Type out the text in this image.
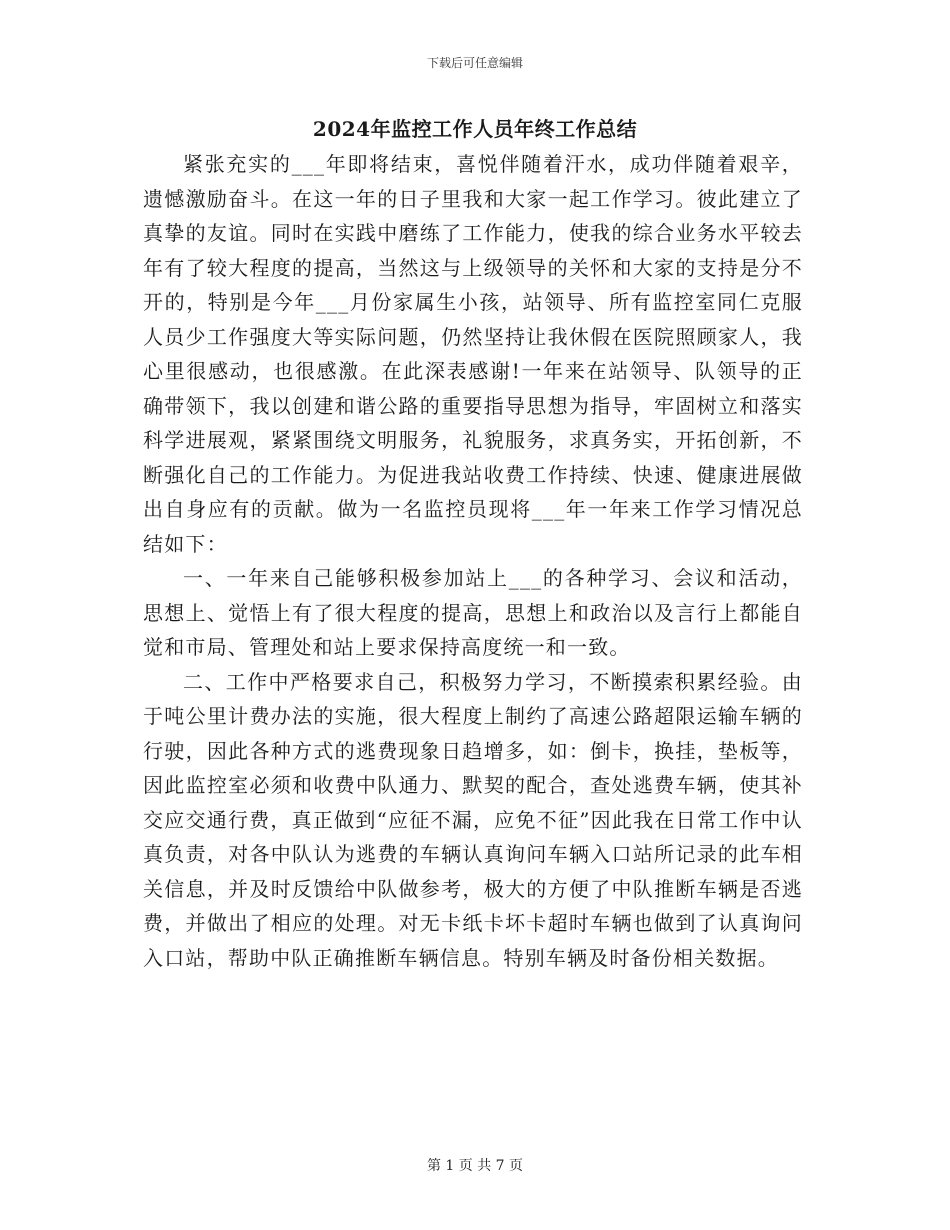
下载后可任意编辑
2024年监控工作人员年终工作总结

紧张充实的___年即将结束，喜悦伴随着汗水，成功伴随着艰辛，遗憾激励奋斗。在这一年的日子里我和大家一起工作学习。彼此建立了真挚的友谊。同时在实践中磨练了工作能力，使我的综合业务水平较去年有了较大程度的提高，当然这与上级领导的关怀和大家的支持是分不开的，特别是今年___月份家属生小孩，站领导、所有监控室同仁克服人员少工作强度大等实际问题，仍然坚持让我休假在医院照顾家人，我心里很感动，也很感激。在此深表感谢!一年来在站领导、队领导的正确带领下，我以创建和谐公路的重要指导思想为指导，牢固树立和落实科学进展观，紧紧围绕文明服务，礼貌服务，求真务实，开拓创新，不断强化自己的工作能力。为促进我站收费工作持续、快速、健康进展做出自身应有的贡献。做为一名监控员现将___年一年来工作学习情况总结如下：

一、一年来自己能够积极参加站上___的各种学习、会议和活动，思想上、觉悟上有了很大程度的提高，思想上和政治以及言行上都能自觉和市局、管理处和站上要求保持高度统一和一致。

二、工作中严格要求自己，积极努力学习，不断摸索积累经验。由于吨公里计费办法的实施，很大程度上制约了高速公路超限运输车辆的行驶，因此各种方式的逃费现象日趋增多，如：倒卡，换挂，垫板等，因此监控室必须和收费中队通力、默契的配合，查处逃费车辆，使其补交应交通行费，真正做到“应征不漏，应免不征”因此我在日常工作中认真负责，对各中队认为逃费的车辆认真询问车辆入口站所记录的此车相关信息，并及时反馈给中队做参考，极大的方便了中队推断车辆是否逃费，并做出了相应的处理。对无卡纸卡坏卡超时车辆也做到了认真询问入口站，帮助中队正确推断车辆信息。特别车辆及时备份相关数据。

第 1 页 共 7 页
